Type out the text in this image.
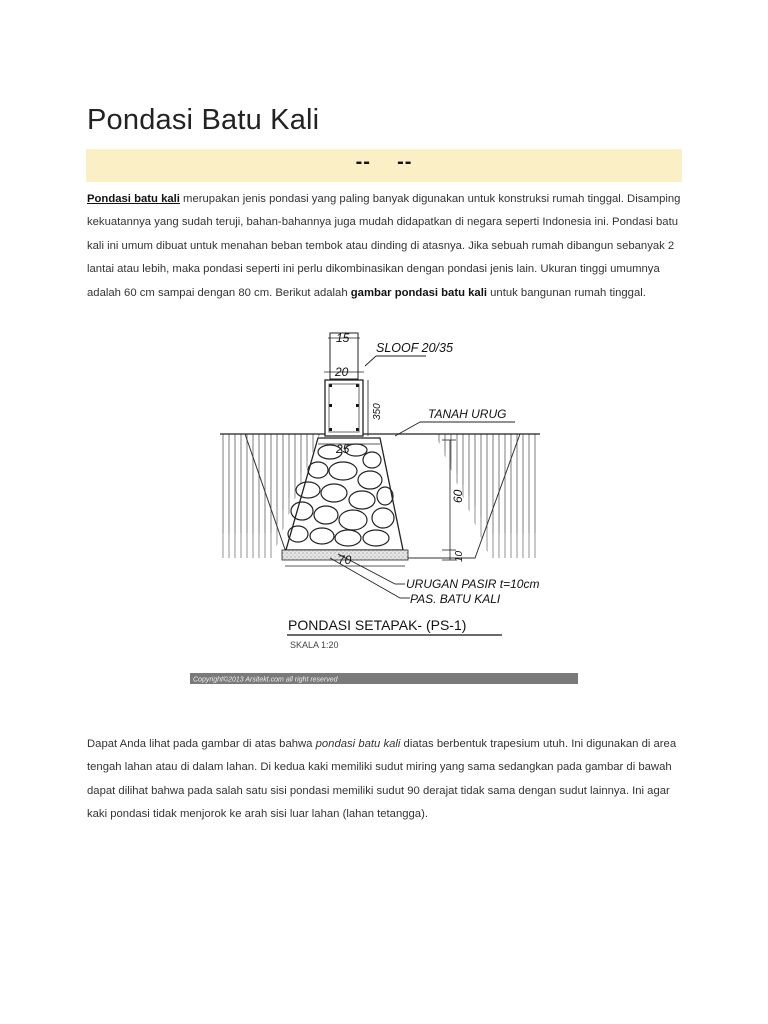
Pondasi Batu Kali
--    --

Pondasi batu kali merupakan jenis pondasi yang paling banyak digunakan untuk konstruksi rumah tinggal. Disamping kekuatannya yang sudah teruji, bahan-bahannya juga mudah didapatkan di negara seperti Indonesia ini. Pondasi batu kali ini umum dibuat untuk menahan beban tembok atau dinding di atasnya. Jika sebuah rumah dibangun sebanyak 2 lantai atau lebih, maka pondasi seperti ini perlu dikombinasikan dengan pondasi jenis lain. Ukuran tinggi umumnya adalah 60 cm sampai dengan 80 cm. Berikut adalah gambar pondasi batu kali untuk bangunan rumah tinggal.

15
20
350
25
60
10
70
SLOOF 20/35
TANAH URUG
URUGAN PASIR t=10cm
PAS. BATU KALI
PONDASI SETAPAK- (PS-1)
SKALA 1:20
Copyright©2013 Arsitekt.com all right reserved

Dapat Anda lihat pada gambar di atas bahwa pondasi batu kali diatas berbentuk trapesium utuh. Ini digunakan di area tengah lahan atau di dalam lahan. Di kedua kaki memiliki sudut miring yang sama sedangkan pada gambar di bawah dapat dilihat bahwa pada salah satu sisi pondasi memiliki sudut 90 derajat tidak sama dengan sudut lainnya. Ini agar kaki pondasi tidak menjorok ke arah sisi luar lahan (lahan tetangga).
